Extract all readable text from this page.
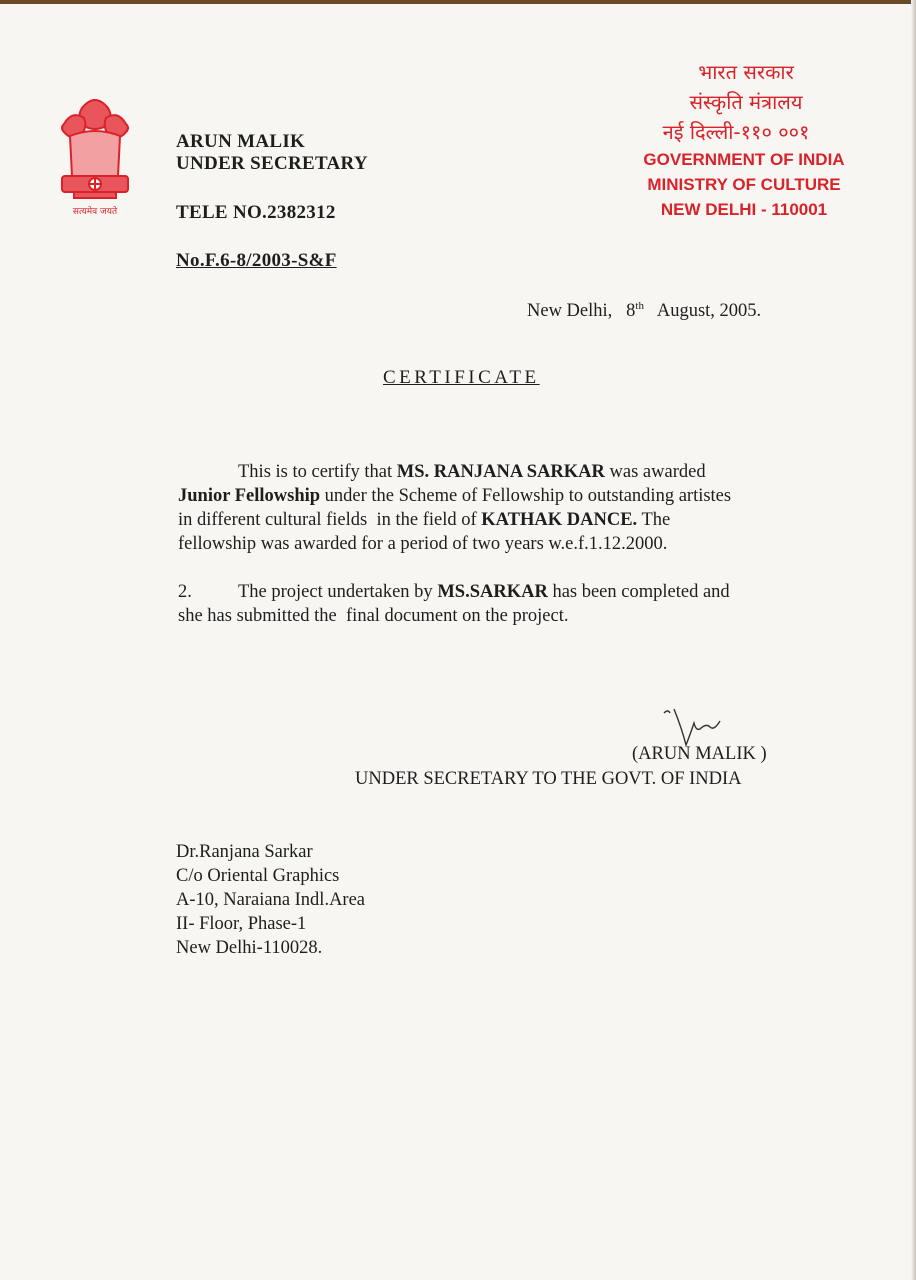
सत्यमेव जयते
ARUN MALIK
UNDER SECRETARY
TELE NO.2382312
No.F.6-8/2003-S&F
भारत सरकार
संस्कृति मंत्रालय
नई दिल्ली-११० ००१
GOVERNMENT OF INDIA
MINISTRY OF CULTURE
NEW DELHI - 110001
New Delhi, 8th August, 2005.
CERTIFICATE
This is to certify that MS. RANJANA SARKAR was awarded
Junior Fellowship under the Scheme of Fellowship to outstanding artistes
in different cultural fields  in the field of KATHAK DANCE. The
fellowship was awarded for a period of two years w.e.f.1.12.2000.
2. The project undertaken by MS.SARKAR has been completed and
she has submitted the  final document on the project.
(ARUN MALIK )
UNDER SECRETARY TO THE GOVT. OF INDIA
Dr.Ranjana Sarkar
C/o Oriental Graphics
A-10, Naraiana Indl.Area
II- Floor, Phase-1
New Delhi-110028.
